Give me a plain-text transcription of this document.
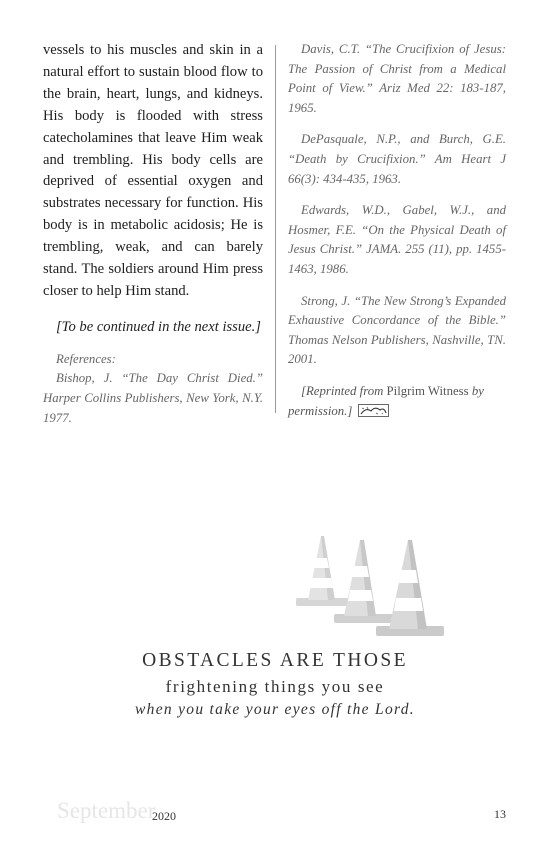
vessels to his muscles and skin in a natural effort to sustain blood flow to the brain, heart, lungs, and kidneys. His body is flooded with stress catecholamines that leave Him weak and trembling. His body cells are deprived of essential oxygen and substrates necessary for function. His body is in metabolic acidosis; He is trembling, weak, and can barely stand. The soldiers around Him press closer to help Him stand.

[To be continued in the next issue.]

References:

Bishop, J. “The Day Christ Died.” Harper Collins Publishers, New York, N.Y. 1977.

Davis, C.T. “The Crucifixion of Jesus: The Passion of Christ from a Medical Point of View.” Ariz Med 22: 183-187, 1965.

DePasquale, N.P., and Burch, G.E. “Death by Crucifixion.” Am Heart J 66(3): 434-435, 1963.

Edwards, W.D., Gabel, W.J., and Hosmer, F.E. “On the Physical Death of Jesus Christ.” JAMA. 255 (11), pp. 1455-1463, 1986.

Strong, J. “The New Strong’s Expanded Exhaustive Concordance of the Bible.” Thomas Nelson Publishers, Nashville, TN. 2001.

[Reprinted from Pilgrim Witness by permission.]

OBSTACLES ARE THOSE
frightening things you see
when you take your eyes off the Lord.
September
2020	13
